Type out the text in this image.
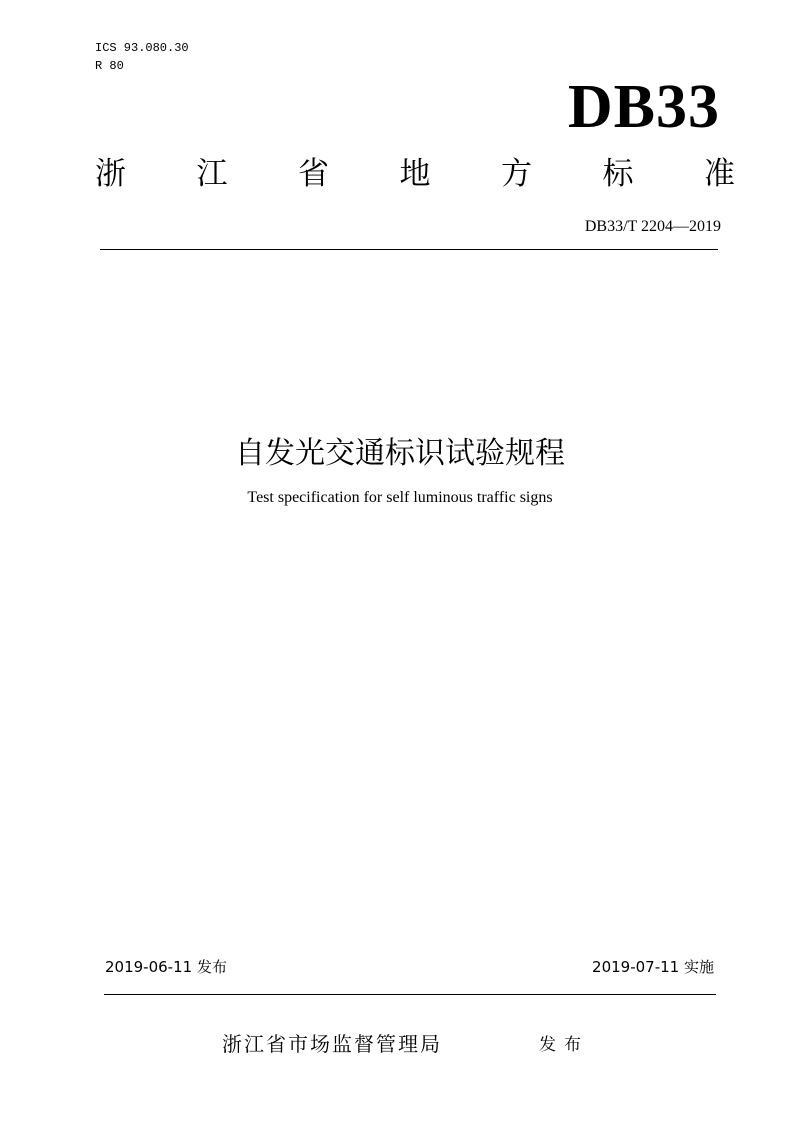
ICS 93.080.30
R 80
DB33
浙 江 省 地 方 标 准
DB33/T 2204—2019
自发光交通标识试验规程
Test specification for self luminous traffic signs
2019-06-11 发布	2019-07-11 实施
浙江省市场监督管理局	发布
